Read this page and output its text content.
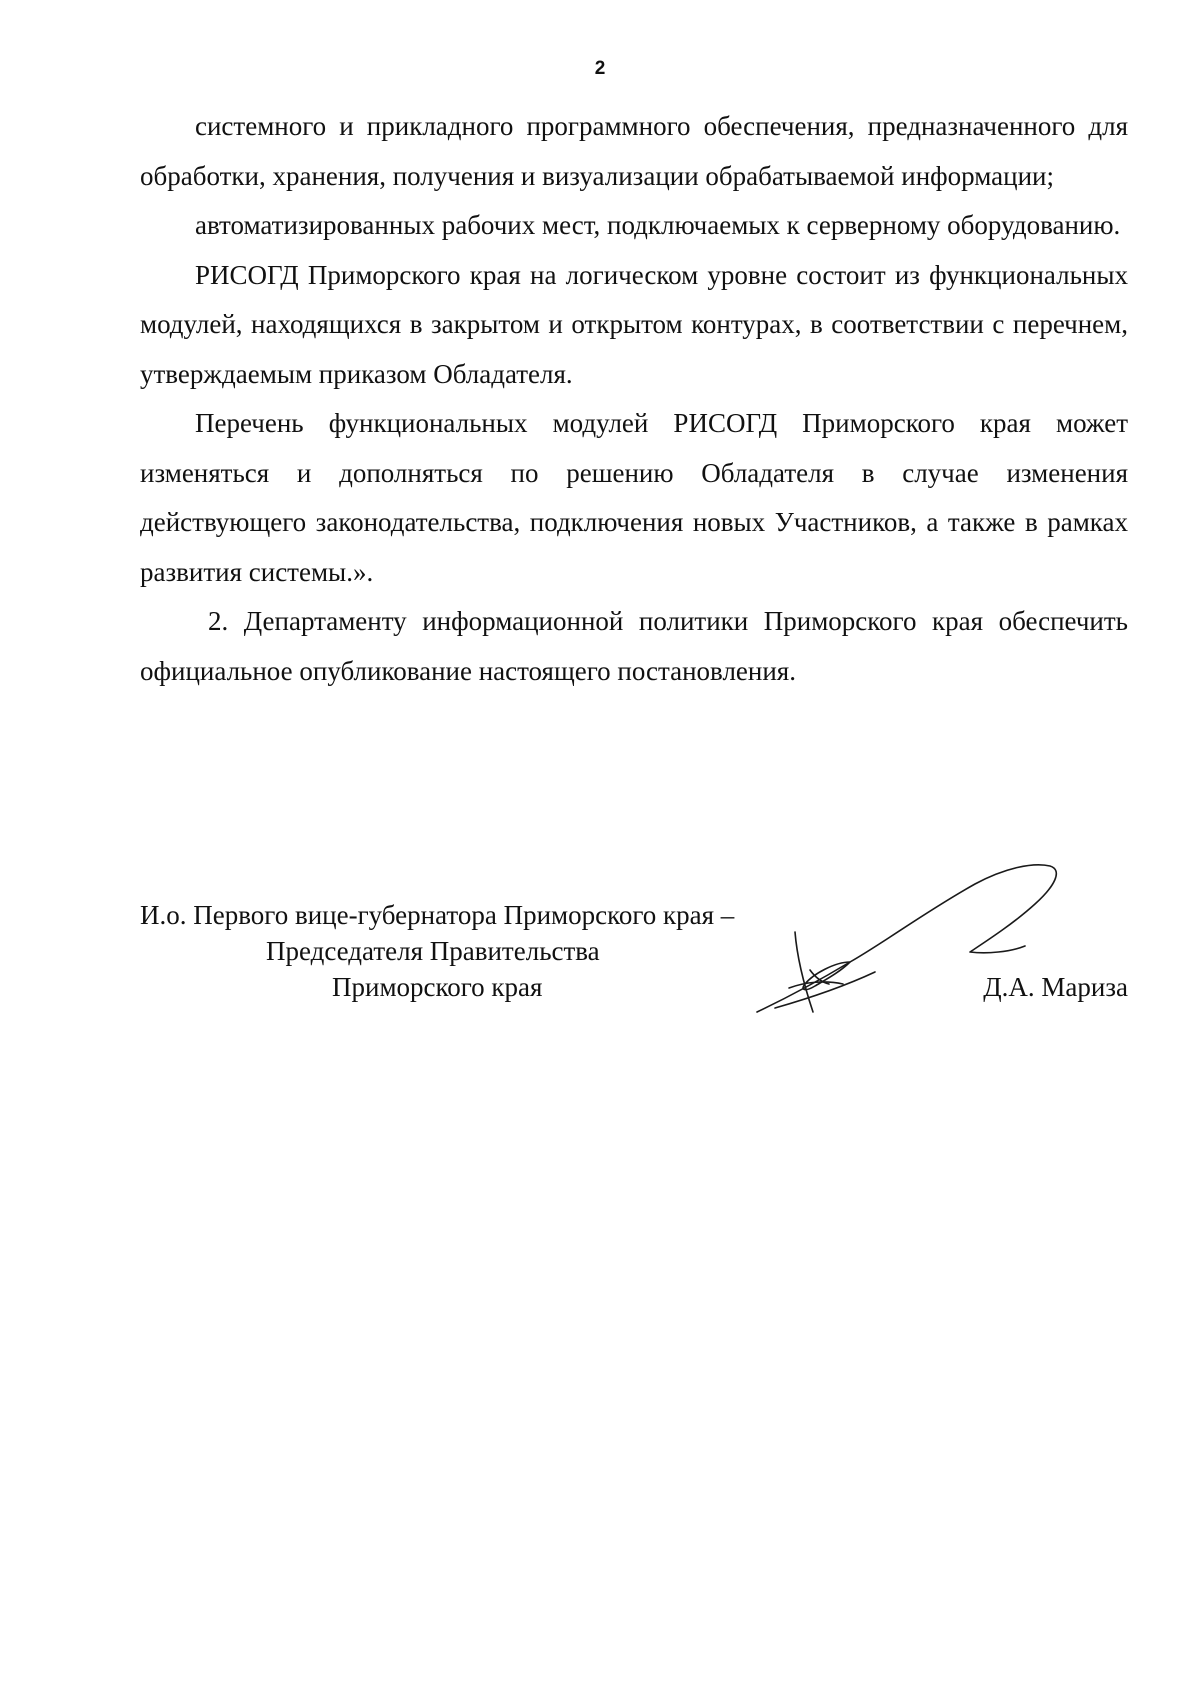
2

системного и прикладного программного обеспечения, предназначенного для обработки, хранения, получения и визуализации обрабатываемой информации;

автоматизированных рабочих мест, подключаемых к серверному оборудованию.

РИСОГД Приморского края на логическом уровне состоит из функциональных модулей, находящихся в закрытом и открытом контурах, в соответствии с перечнем, утверждаемым приказом Обладателя.

Перечень функциональных модулей РИСОГД Приморского края может изменяться и дополняться по решению Обладателя в случае изменения действующего законодательства, подключения новых Участников, а также в рамках развития системы.».

2. Департаменту информационной политики Приморского края обеспечить официальное опубликование настоящего постановления.

И.о. Первого вице-губернатора Приморского края –
Председателя Правительства
Приморского края	Д.А. Мариза
